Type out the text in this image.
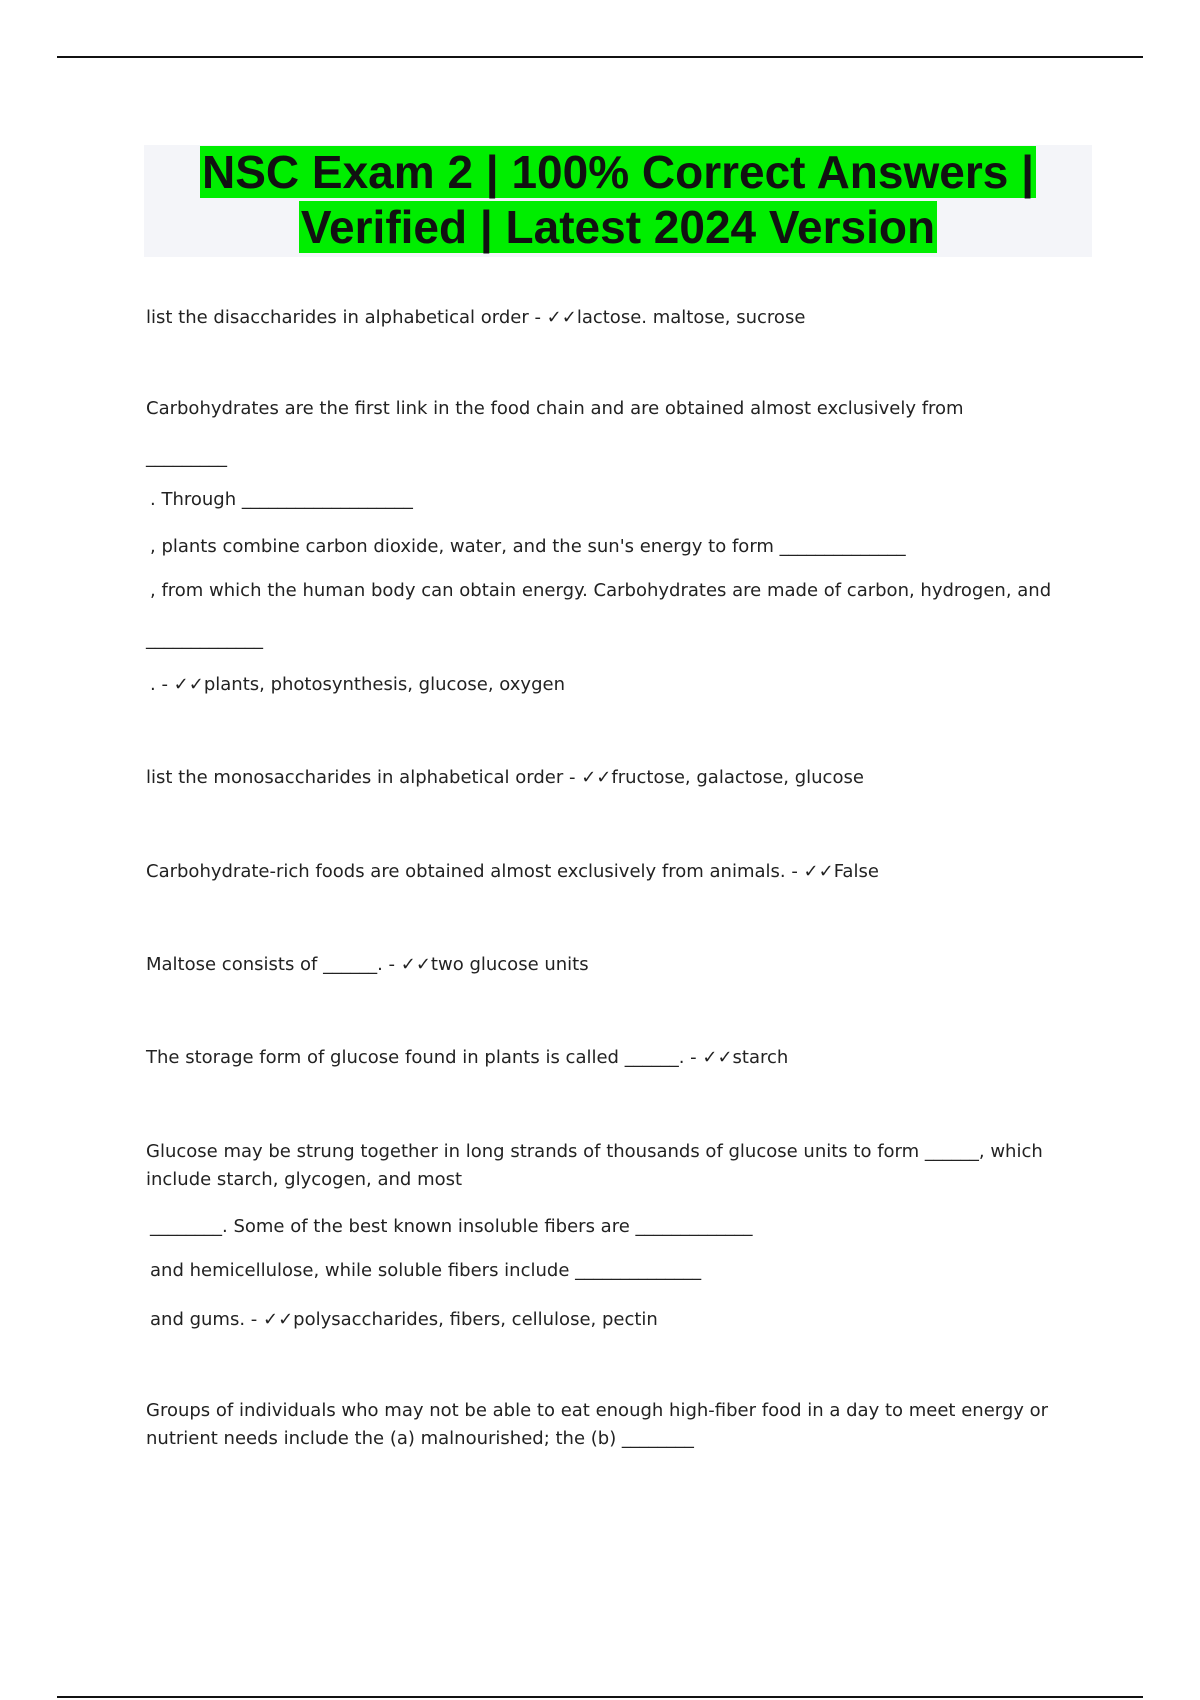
NSC Exam 2 | 100% Correct Answers |
Verified | Latest 2024 Version
list the disaccharides in alphabetical order - ✓✓lactose. maltose, sucrose
Carbohydrates are the first link in the food chain and are obtained almost exclusively from
_________
. Through ___________________
, plants combine carbon dioxide, water, and the sun's energy to form ______________
, from which the human body can obtain energy. Carbohydrates are made of carbon, hydrogen, and
_____________
. - ✓✓plants, photosynthesis, glucose, oxygen
list the monosaccharides in alphabetical order - ✓✓fructose, galactose, glucose
Carbohydrate-rich foods are obtained almost exclusively from animals. - ✓✓False
Maltose consists of ______. - ✓✓two glucose units
The storage form of glucose found in plants is called ______. - ✓✓starch
Glucose may be strung together in long strands of thousands of glucose units to form ______, which include starch, glycogen, and most
________. Some of the best known insoluble fibers are _____________
and hemicellulose, while soluble fibers include ______________
and gums. - ✓✓polysaccharides, fibers, cellulose, pectin
Groups of individuals who may not be able to eat enough high-fiber food in a day to meet energy or nutrient needs include the (a) malnourished; the (b) ________
